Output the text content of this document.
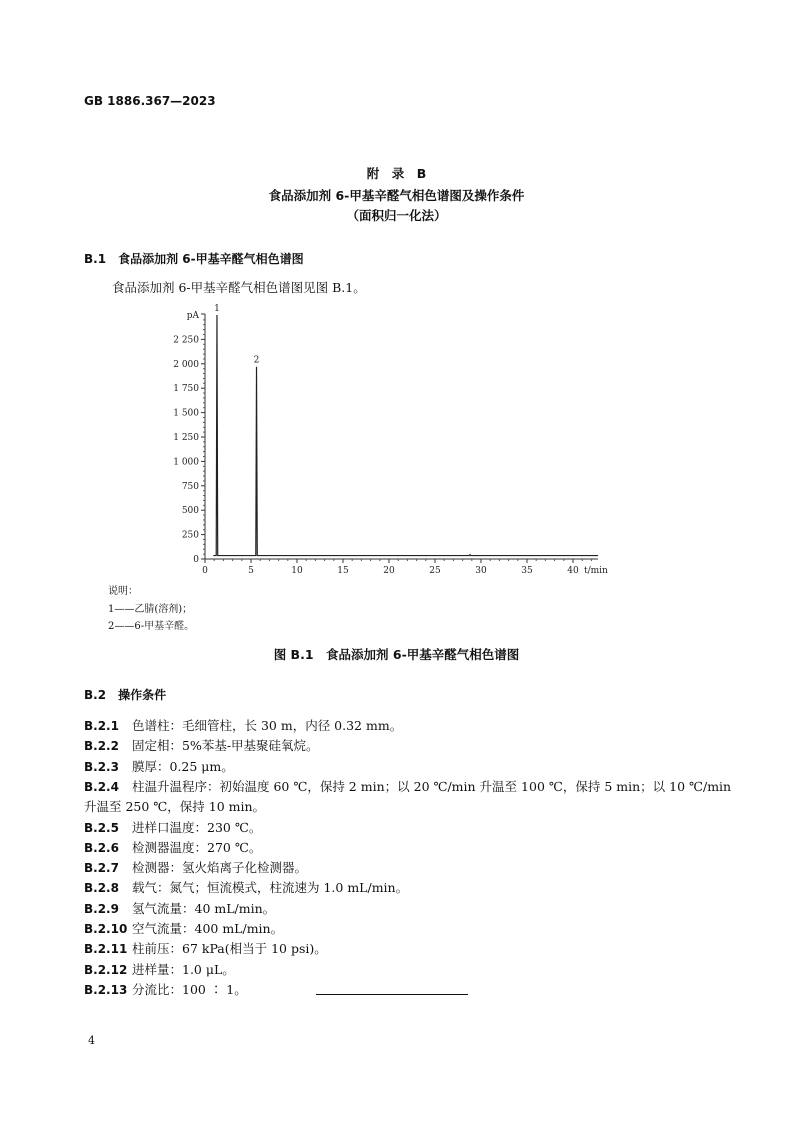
GB 1886.367—2023
附　录　B
食品添加剂 6-甲基辛醛气相色谱图及操作条件
（面积归一化法）
B.1 食品添加剂 6-甲基辛醛气相色谱图
食品添加剂 6-甲基辛醛气相色谱图见图 B.1。
0	5	10	15	20	25	30	35	40
0
250
500
750
1 000
1 250
1 500
1 750
2 000
2 250
pA
t/min
1
2
说明：
1——乙腈(溶剂)；
2——6-甲基辛醛。
图 B.1　食品添加剂 6-甲基辛醛气相色谱图
B.2 操作条件
B.2.1 色谱柱：毛细管柱，长 30 m，内径 0.32 mm。
B.2.2 固定相：5%苯基-甲基聚硅氧烷。
B.2.3 膜厚：0.25 μm。
B.2.4 柱温升温程序：初始温度 60 ℃，保持 2 min；以 20 ℃/min 升温至 100 ℃，保持 5 min；以 10 ℃/min
升温至 250 ℃，保持 10 min。
B.2.5 进样口温度：230 ℃。
B.2.6 检测器温度：270 ℃。
B.2.7 检测器：氢火焰离子化检测器。
B.2.8 载气：氮气；恒流模式，柱流速为 1.0 mL/min。
B.2.9 氢气流量：40 mL/min。
B.2.10 空气流量：400 mL/min。
B.2.11 柱前压：67 kPa(相当于 10 psi)。
B.2.12 进样量：1.0 μL。
B.2.13 分流比：100 ∶ 1。
4
